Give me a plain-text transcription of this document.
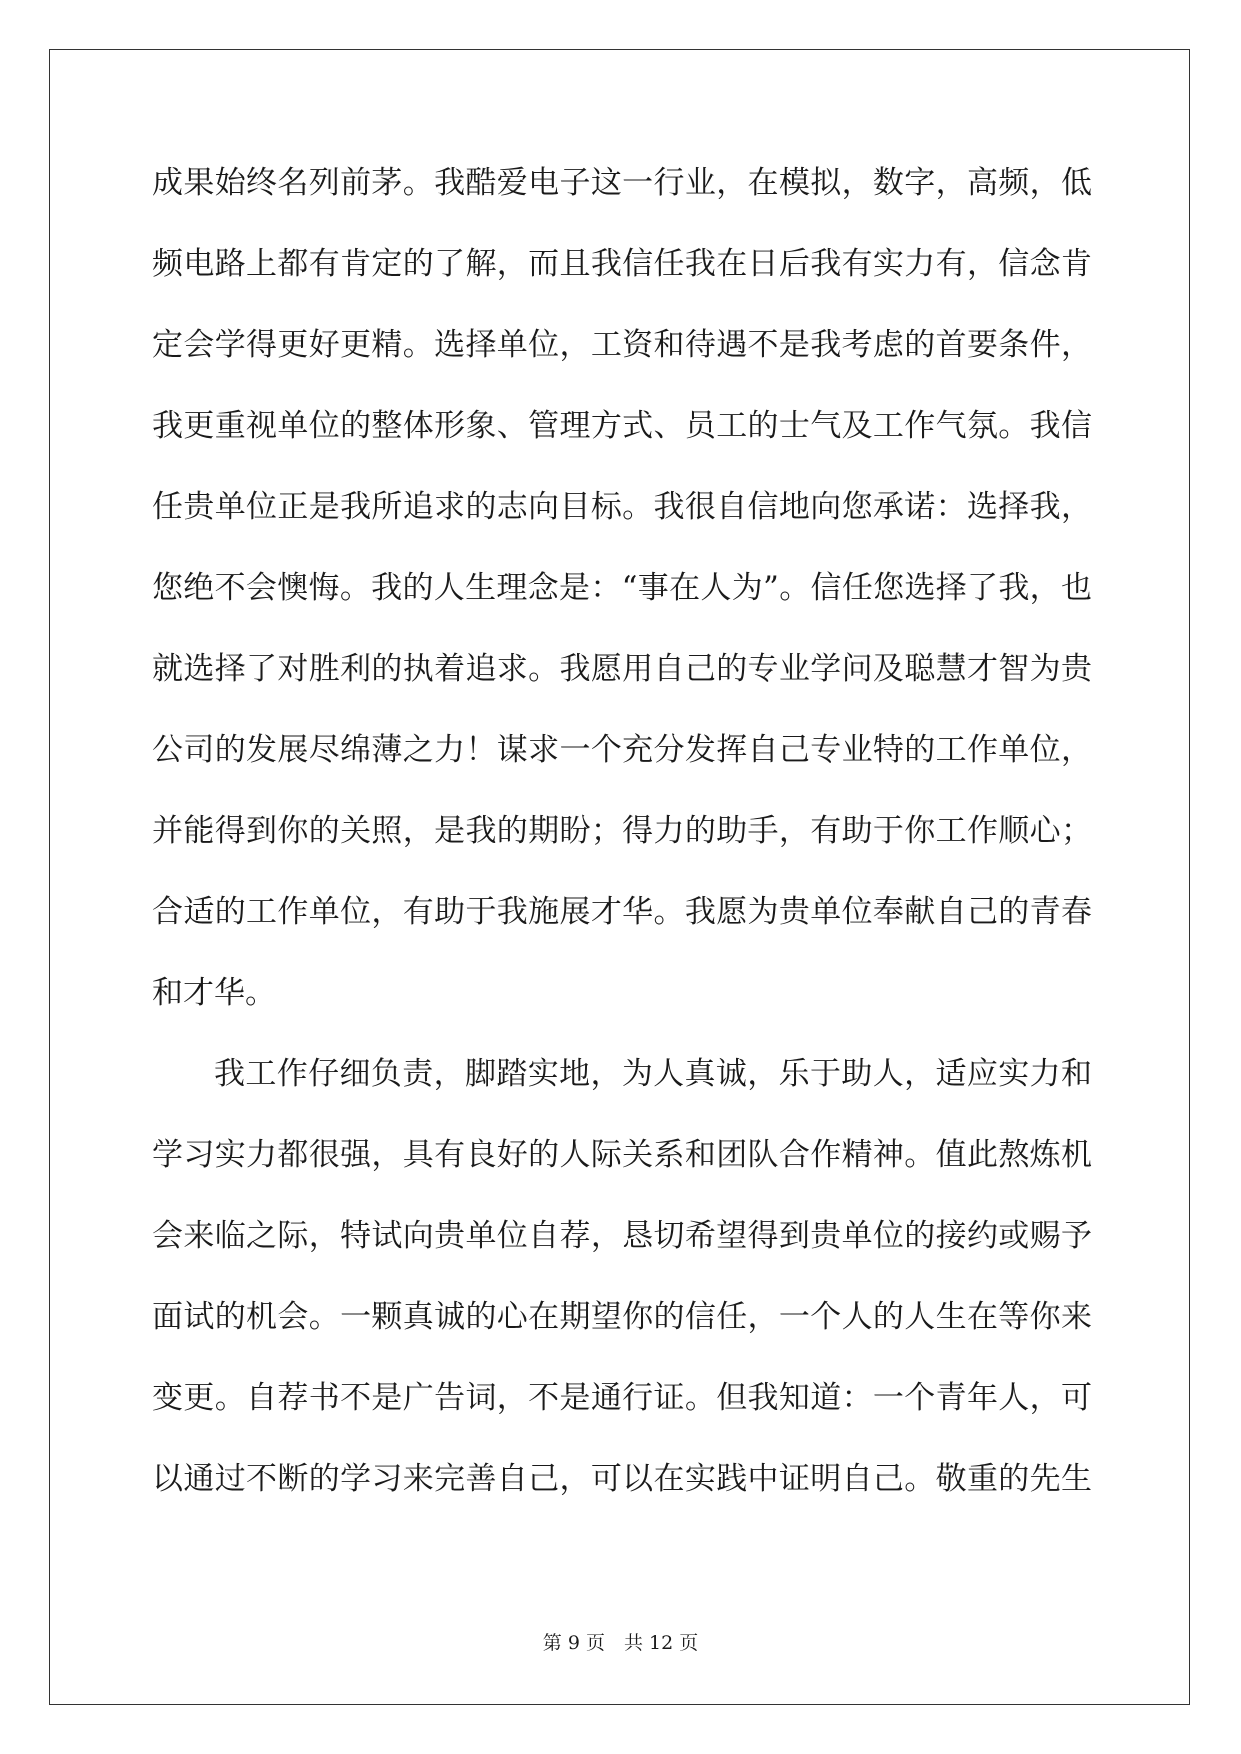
成果始终名列前茅。我酷爱电子这一行业，在模拟，数字，高频，低
频电路上都有肯定的了解，而且我信任我在日后我有实力有，信念肯
定会学得更好更精。选择单位，工资和待遇不是我考虑的首要条件，
我更重视单位的整体形象、管理方式、员工的士气及工作气氛。我信
任贵单位正是我所追求的志向目标。我很自信地向您承诺：选择我，
您绝不会懊悔。我的人生理念是：“事在人为”。信任您选择了我，也
就选择了对胜利的执着追求。我愿用自己的专业学问及聪慧才智为贵
公司的发展尽绵薄之力！谋求一个充分发挥自己专业特的工作单位，
并能得到你的关照，是我的期盼；得力的助手，有助于你工作顺心；
合适的工作单位，有助于我施展才华。我愿为贵单位奉献自己的青春
和才华。
我工作仔细负责，脚踏实地，为人真诚，乐于助人，适应实力和
学习实力都很强，具有良好的人际关系和团队合作精神。值此熬炼机
会来临之际，特试向贵单位自荐，恳切希望得到贵单位的接约或赐予
面试的机会。一颗真诚的心在期望你的信任，一个人的人生在等你来
变更。自荐书不是广告词，不是通行证。但我知道：一个青年人，可
以通过不断的学习来完善自己，可以在实践中证明自己。敬重的先生
第 9 页　共 12 页
